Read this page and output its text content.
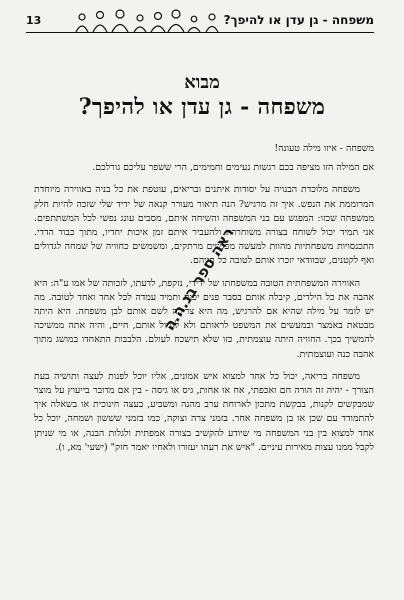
13	משפחה - גן עדן או להיפך?
מבוא
משפחה - גן עדן או להיפך?

משפחה - איזו מילה טעונה!

אם המילה הזו מציפה בכם רגשות נעימים וחמימים, הרי ששפר עליכם גורלכם.

משפחה מלוכדת הבנויה על יסודות איתנים ובריאים, עוטפת את כל בניה באווירה מיוחדת המרוממת את הנפש. איך זה מרגיש? הנה תיאור מעורר קנאה של ידיד שלי שזכה להיות חלק ממשפחה שכזו: המפגש עם בני המשפחה והשיחה איתם, מסבים עונג נפשי לכל המשתתפים. אני תמיד יכול לשוחח בצורה משוחררת ולהעביר איתם זמן איכות יחדיו, מתוך כבוד הדדי. התכנסויות משפחתיות מהוות למעשה מפגשים מרתקים, ומשמשים כחוויה של שמחה לגדולים ואף לקטנים, שבוודאי יזכרו אותם לטובה כל חייהם.

האווירה המשפחתית הטובה במשפחתו של ידידי, נזקפת, לדעתו, לזכותה של אמו ע"ה: היא אהבה את כל הילדים, קיבלה אותם בסבר פנים יפות ותמיד עמדה לכל אחד ואחד לטובה. מה יש לומר על מילה שהיא אם להרגיש, מה היא צריכה לשם אותם לבן משפחה. היא היתה מבטאת באמצר ובמעשים את המשפט לראותם ולא לגמול אותם, חיים, והיה אתה ממשיכה להמשיך בכך. החוויה היתה עוצמתית, כזו שלא תישכח לעולם. הלבבות התאחדו במושג מתוך אהבה כנה ועוצמתית.

משפחה בריאה, יכול כל אחד למצוא איש אמונים, אליו יוכל לפנות לעצה ותושיה בעת הצורך - יהיה זה הורה חם ואכפתי, אח או אחות, גיס או גיסה - בין אם מדובר בייעוץ על מוצר שמבקשים לקנות, בבקשת מתכון לארוחת ערב מהנה ומשביע, בעצה חינוכית או בשאלה איך להתמודד עם שכן או בן משפחה אחר. בזמני צרה וצוקה, כמו בזמני שששון ושמחה, יוכל כל אחד למצוא בין בני המשפחה מי שיודע להקשיב בצורה אמפתית ולגלות הבנה, או מי שניתן לקבל ממנו עצות מאירות עיניים. "איש את רעהו יעזורו ולאחיו יאמר חזק" (ישעי' מא, ו).

ראה ספר בנ.ה.ה
